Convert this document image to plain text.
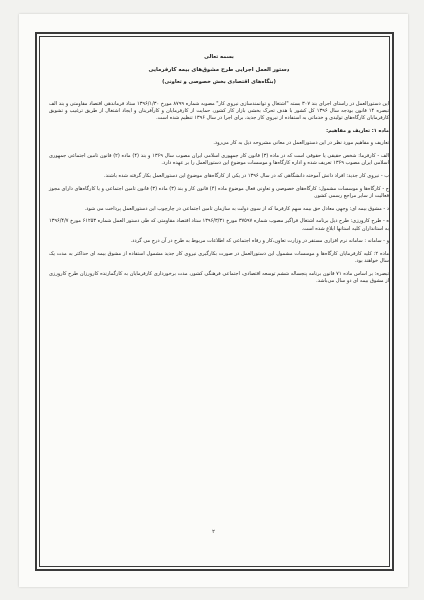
بسمه تعالی
دستور العمل اجرایی طرح مشوق‌های بیمه کارفرمایی
(بنگاه‌های اقتصادی بخش خصوصی و تعاونی)

این دستورالعمل در راستای اجرای بند ۳۰۷ بسته "اشتغال و توانمندسازی نیروی کار" مصوبه شماره ۸۷۹۹ مورخ ۱۳۹۶/۱/۳۰ ستاد فرماندهی اقتصاد مقاومتی و بند الف تبصره ۱۴ قانون بودجه سال ۱۳۹۶ کل کشور با هدف تحرک بخشی بازار کار کشور، حمایت از کارفرمایان و کارآفرینان و ایجاد اشتغال از طریق ترغیب و تشویق کارفرمایان کارگاه‌های تولیدی و خدماتی به استفاده از نیروی کار جدید، برای اجرا در سال ۱۳۹۶ تنظیم شده است.

ماده ۱: تعاریف و مفاهیم:

تعاریف و مفاهیم مورد نظر در این دستورالعمل در معانی مشروحه ذیل به کار می‌رود.

الف - کارفرما: شخص حقیقی یا حقوقی است که در ماده (۳) قانون کار جمهوری اسلامی ایران مصوب سال ۱۳۶۹ و بند (۴) ماده (۲) قانون تامین اجتماعی جمهوری اسلامی ایران مصوب ۱۳۶۹ تعریف شده و اداره کارگاه‌ها و موسسات موضوع این دستورالعمل را بر عهده دارد.

ب - نیروی کار جدید: افراد دانش آموخته دانشگاهی که در سال ۱۳۹۶ در یکی از کارگاه‌های موضوع این دستورالعمل بکار گرفته شده باشند.

ج - کارگاه‌ها و موسسات مشمول: کارگاه‌های خصوصی و تعاونی فعال موضوع ماده (۴) قانون کار و بند (۳) ماده (۳) قانون تامین اجتماعی و یا کارگاه‌های دارای مجوز فعالیت از سایر مراجع رسمی کشور.

د - مشوق بیمه ای: وجهی معادل حق بیمه سهم کارفرما که از سوی دولت به سازمان تامین اجتماعی در چارچوب این دستورالعمل پرداخت می شود.

ه - طرح کارورزی: طرح ذیل برنامه اشتغال فراگیر مصوب شماره ۳۷۵۹۷ مورخ ۱۳۹۶/۳/۳۱ ستاد اقتصاد مقاومتی که طی دستور العمل شماره ۶۱۲۵۳ مورخ ۱۳۹۶/۴/۷ به استانداران کلیه استانها ابلاغ شده است.

و - سامانه : سامانه نرم افزاری مستقر در وزارت تعاون،کار و رفاه اجتماعی که اطلاعات مربوط به طرح در آن درج می گردد.

ماده ۲: کلیه کارفرمایان کارگاه‌ها و موسسات مشمول این دستورالعمل در صورت بکارگیری نیروی کار جدید مشمول استفاده از مشوق بیمه ای حداکثر به مدت یک سال خواهند بود.

تبصره: بر اساس ماده ۷۱ قانون برنامه پنجساله ششم توسعه اقتصادی، اجتماعی فرهنگی کشور، مدت برخورداری کارفرمایان به کارگمارنده کارورزان طرح کارورزی از مشوق بیمه ای دو سال می‌باشد.

۲
